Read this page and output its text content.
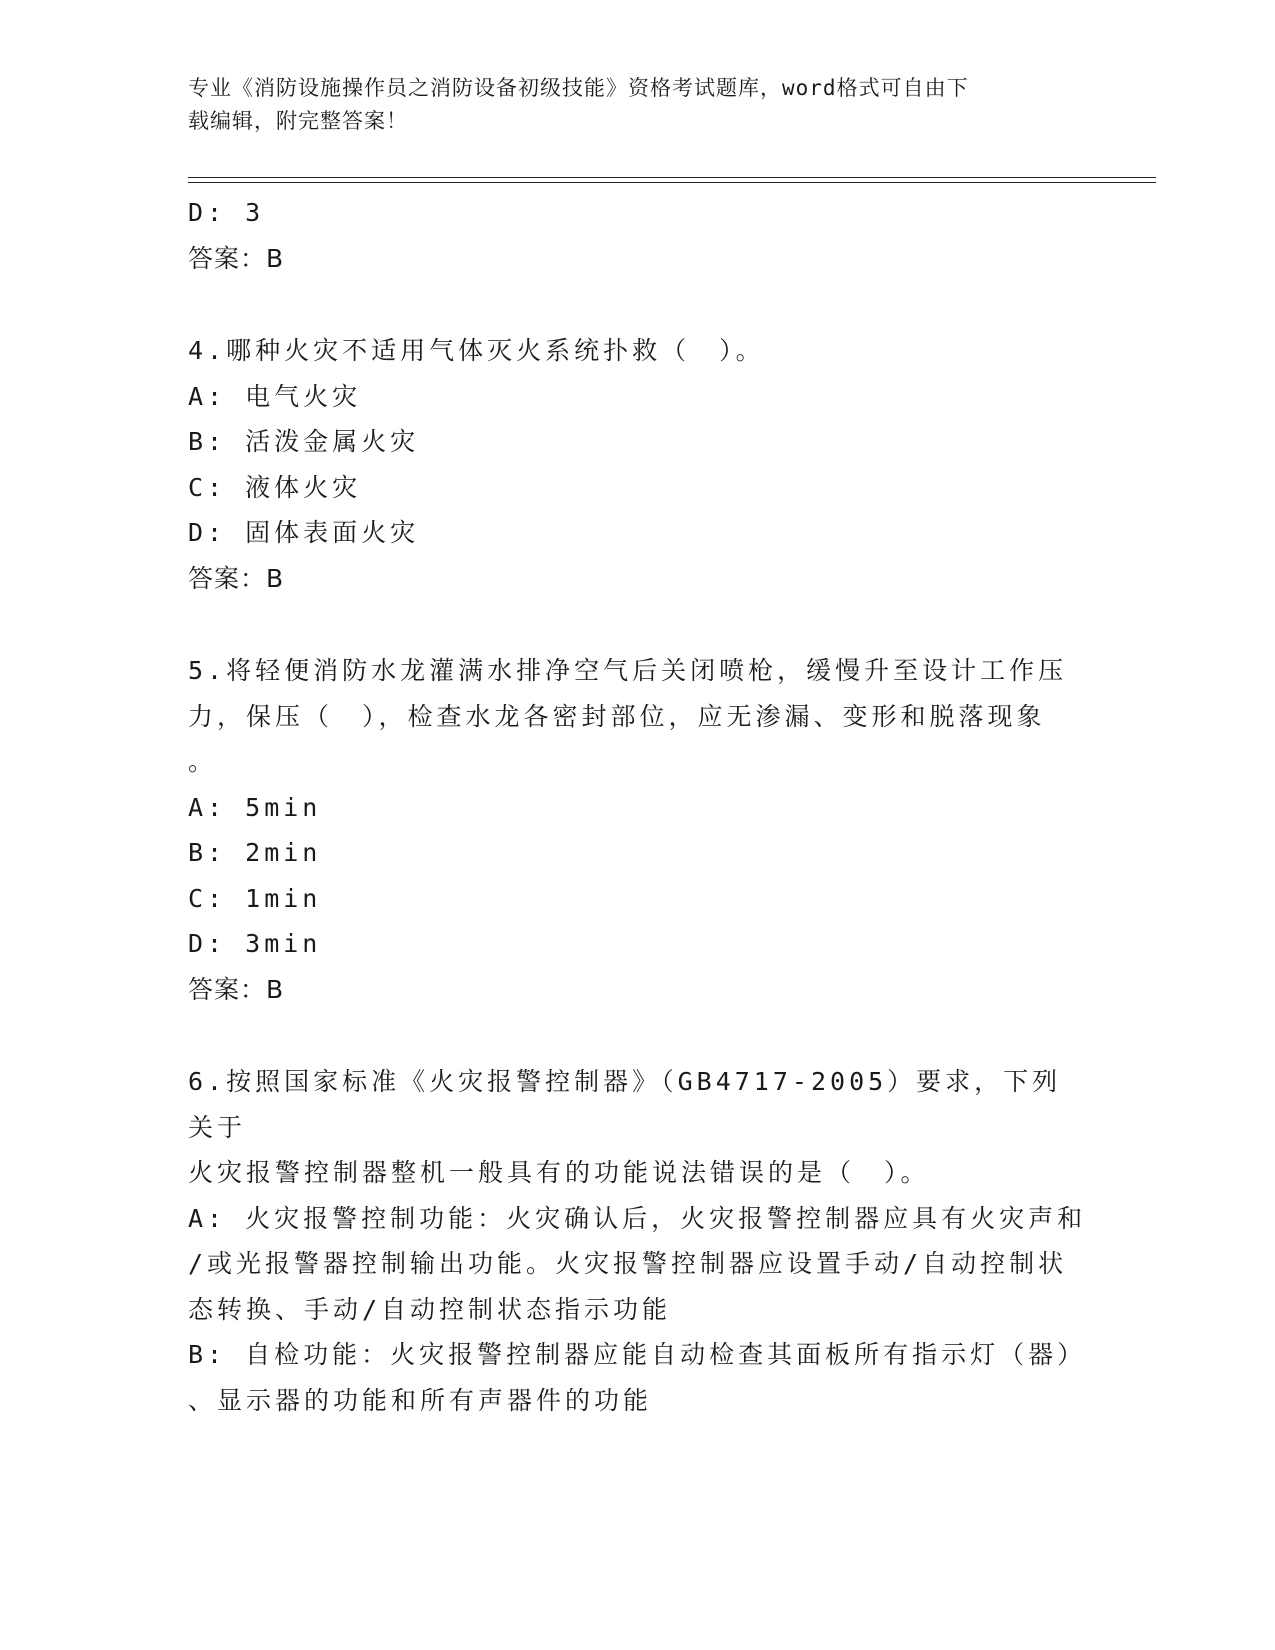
专业《消防设施操作员之消防设备初级技能》资格考试题库，word格式可自由下
载编辑，附完整答案！
D: 3
答案：B
4.哪种火灾不适用气体灭火系统扑救（　）。
A: 电气火灾
B: 活泼金属火灾
C: 液体火灾
D: 固体表面火灾
答案：B
5.将轻便消防水龙灌满水排净空气后关闭喷枪，缓慢升至设计工作压
力，保压（　），检查水龙各密封部位，应无渗漏、变形和脱落现象
。
A: 5min
B: 2min
C: 1min
D: 3min
答案：B
6.按照国家标准《火灾报警控制器》（GB4717-2005）要求，下列关于
火灾报警控制器整机一般具有的功能说法错误的是（　）。
A: 火灾报警控制功能：火灾确认后，火灾报警控制器应具有火灾声和
/或光报警器控制输出功能。火灾报警控制器应设置手动/自动控制状
态转换、手动/自动控制状态指示功能
B: 自检功能：火灾报警控制器应能自动检查其面板所有指示灯（器）
、显示器的功能和所有声器件的功能
